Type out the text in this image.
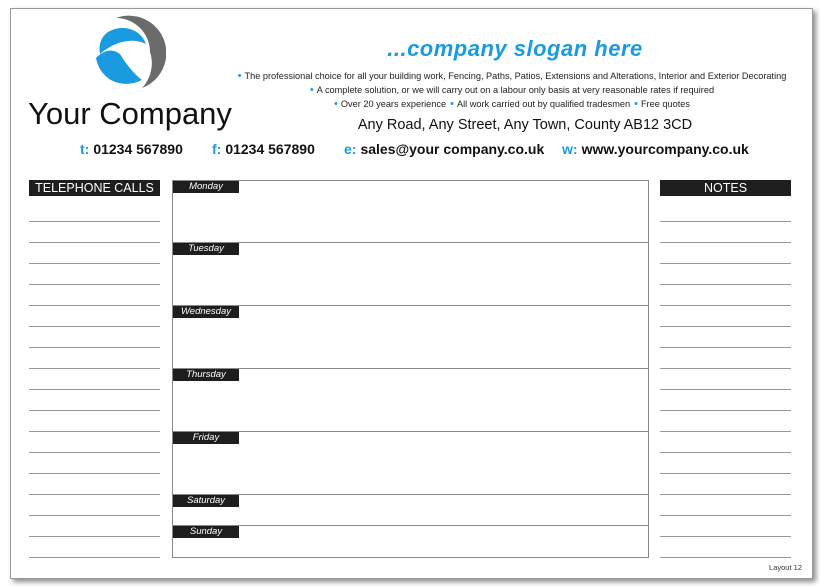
Your Company
...company slogan here
• The professional choice for all your building work, Fencing, Paths, Patios, Extensions and Alterations, Interior and Exterior Decorating
• A complete solution, or we will carry out on a labour only basis at very reasonable rates if required
• Over 20 years experience • All work carried out by qualified tradesmen • Free quotes
Any Road, Any Street, Any Town, County AB12 3CD
t: 01234 567890 f: 01234 567890 e: sales@your company.co.uk w: www.yourcompany.co.uk
TELEPHONE CALLS	NOTES
Monday
Tuesday
Wednesday
Thursday
Friday
Saturday
Sunday
Layout 12
